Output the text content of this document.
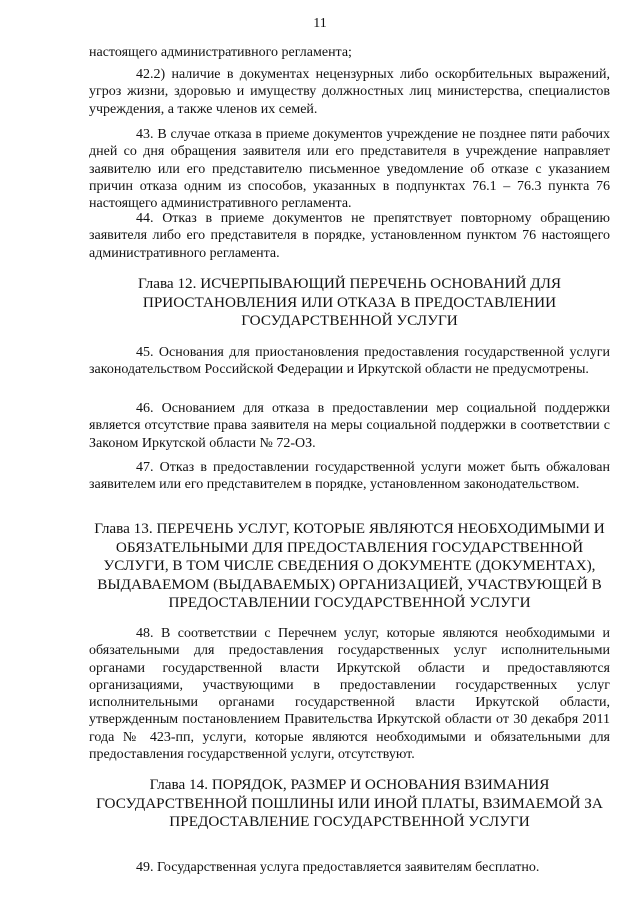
11
настоящего административного регламента;
42.2) наличие в документах нецензурных либо оскорбительных выражений, угроз жизни, здоровью и имуществу должностных лиц министерства, специалистов учреждения, а также членов их семей.
43. В случае отказа в приеме документов учреждение не позднее пяти рабочих дней со дня обращения заявителя или его представителя в учреждение направляет заявителю или его представителю письменное уведомление об отказе с указанием причин отказа одним из способов, указанных в подпунктах 76.1 – 76.3 пункта 76 настоящего административного регламента.
44. Отказ в приеме документов не препятствует повторному обращению заявителя либо его представителя в порядке, установленном пунктом 76 настоящего административного регламента.
Глава 12. ИСЧЕРПЫВАЮЩИЙ ПЕРЕЧЕНЬ ОСНОВАНИЙ ДЛЯ ПРИОСТАНОВЛЕНИЯ ИЛИ ОТКАЗА В ПРЕДОСТАВЛЕНИИ ГОСУДАРСТВЕННОЙ УСЛУГИ
45. Основания для приостановления предоставления государственной услуги законодательством Российской Федерации и Иркутской области не предусмотрены.
46. Основанием для отказа в предоставлении мер социальной поддержки является отсутствие права заявителя на меры социальной поддержки в соответствии с Законом Иркутской области № 72-ОЗ.
47. Отказ в предоставлении государственной услуги может быть обжалован заявителем или его представителем в порядке, установленном законодательством.
Глава 13. ПЕРЕЧЕНЬ УСЛУГ, КОТОРЫЕ ЯВЛЯЮТСЯ НЕОБХОДИМЫМИ И ОБЯЗАТЕЛЬНЫМИ ДЛЯ ПРЕДОСТАВЛЕНИЯ ГОСУДАРСТВЕННОЙ УСЛУГИ, В ТОМ ЧИСЛЕ СВЕДЕНИЯ О ДОКУМЕНТЕ (ДОКУМЕНТАХ), ВЫДАВАЕМОМ (ВЫДАВАЕМЫХ) ОРГАНИЗАЦИЕЙ, УЧАСТВУЮЩЕЙ В ПРЕДОСТАВЛЕНИИ ГОСУДАРСТВЕННОЙ УСЛУГИ
48. В соответствии с Перечнем услуг, которые являются необходимыми и обязательными для предоставления государственных услуг исполнительными органами государственной власти Иркутской области и предоставляются организациями, участвующими в предоставлении государственных услуг исполнительными органами государственной власти Иркутской области, утвержденным постановлением Правительства Иркутской области от 30 декабря 2011 года № 423-пп, услуги, которые являются необходимыми и обязательными для предоставления государственной услуги, отсутствуют.
Глава 14. ПОРЯДОК, РАЗМЕР И ОСНОВАНИЯ ВЗИМАНИЯ ГОСУДАРСТВЕННОЙ ПОШЛИНЫ ИЛИ ИНОЙ ПЛАТЫ, ВЗИМАЕМОЙ ЗА ПРЕДОСТАВЛЕНИЕ ГОСУДАРСТВЕННОЙ УСЛУГИ
49. Государственная услуга предоставляется заявителям бесплатно.
